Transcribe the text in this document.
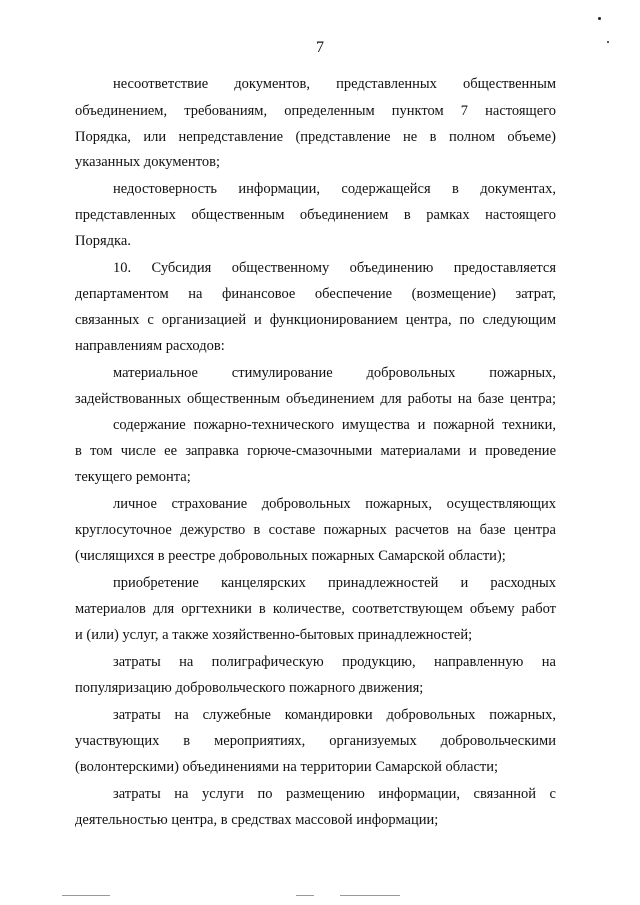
7
несоответствие документов, представленных общественным
объединением, требованиям, определенным пунктом 7 настоящего
Порядка, или непредставление (представление не в полном объеме)
указанных документов;
недостоверность информации, содержащейся в документах,
представленных общественным объединением в рамках настоящего
Порядка.
10. Субсидия общественному объединению предоставляется
департаментом на финансовое обеспечение (возмещение) затрат,
связанных с организацией и функционированием центра, по следующим
направлениям расходов:
материальное стимулирование добровольных пожарных,
задействованных общественным объединением для работы на базе центра;
содержание пожарно-технического имущества и пожарной техники,
в том числе ее заправка горюче-смазочными материалами и проведение
текущего ремонта;
личное страхование добровольных пожарных, осуществляющих
круглосуточное дежурство в составе пожарных расчетов на базе центра
(числящихся в реестре добровольных пожарных Самарской области);
приобретение канцелярских принадлежностей и расходных
материалов для оргтехники в количестве, соответствующем объему работ
и (или) услуг, а также хозяйственно-бытовых принадлежностей;
затраты на полиграфическую продукцию, направленную на
популяризацию добровольческого пожарного движения;
затраты на служебные командировки добровольных пожарных,
участвующих в мероприятиях, организуемых добровольческими
(волонтерскими) объединениями на территории Самарской области;
затраты на услуги по размещению информации, связанной с
деятельностью центра, в средствах массовой информации;
